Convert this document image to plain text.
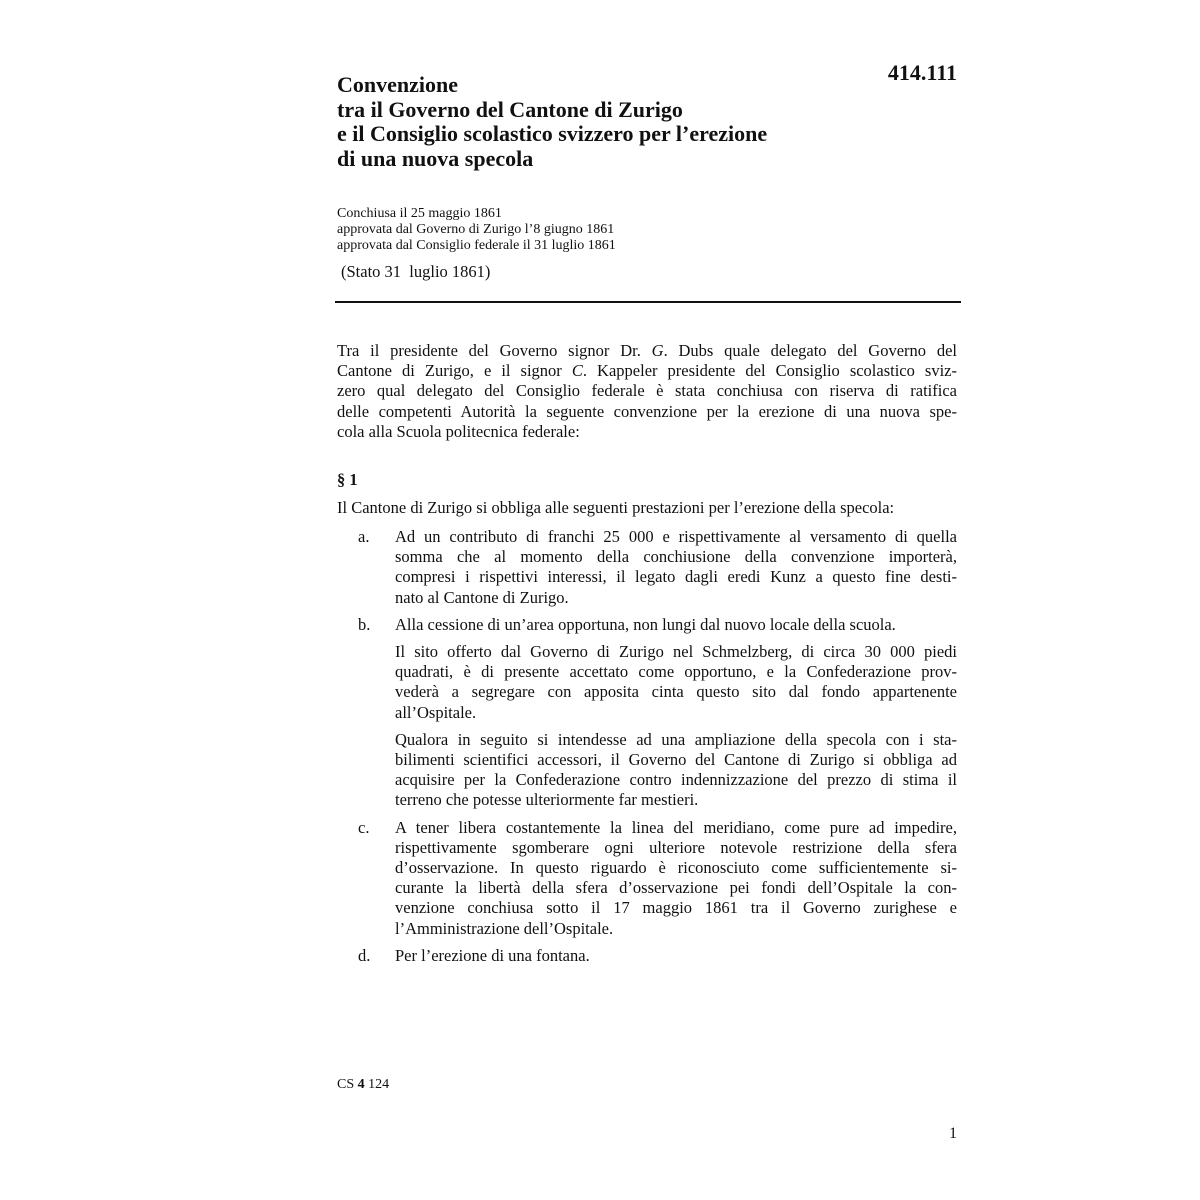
414.111
Convenzione
tra il Governo del Cantone di Zurigo
e il Consiglio scolastico svizzero per l’erezione
di una nuova specola
Conchiusa il 25 maggio 1861
approvata dal Governo di Zurigo l’8 giugno 1861
approvata dal Consiglio federale il 31 luglio 1861
(Stato 31  luglio 1861)
Tra il presidente del Governo signor Dr. G. Dubs quale delegato del Governo del
Cantone di Zurigo, e il signor C. Kappeler presidente del Consiglio scolastico sviz-
zero qual delegato del Consiglio federale è stata conchiusa con riserva di ratifica
delle competenti Autorità la seguente convenzione per la erezione di una nuova spe-
cola alla Scuola politecnica federale:
§ 1
Il Cantone di Zurigo si obbliga alle seguenti prestazioni per l’erezione della specola:
a. Ad un contributo di franchi 25 000 e rispettivamente al versamento di quella
somma che al momento della conchiusione della convenzione importerà,
compresi i rispettivi interessi, il legato dagli eredi Kunz a questo fine desti-
nato al Cantone di Zurigo.
b. Alla cessione di un’area opportuna, non lungi dal nuovo locale della scuola.
Il sito offerto dal Governo di Zurigo nel Schmelzberg, di circa 30 000 piedi
quadrati, è di presente accettato come opportuno, e la Confederazione prov-
vederà a segregare con apposita cinta questo sito dal fondo appartenente
all’Ospitale.
Qualora in seguito si intendesse ad una ampliazione della specola con i sta-
bilimenti scientifici accessori, il Governo del Cantone di Zurigo si obbliga ad
acquisire per la Confederazione contro indennizzazione del prezzo di stima il
terreno che potesse ulteriormente far mestieri.
c. A tener libera costantemente la linea del meridiano, come pure ad impedire,
rispettivamente sgomberare ogni ulteriore notevole restrizione della sfera
d’osservazione. In questo riguardo è riconosciuto come sufficientemente si-
curante la libertà della sfera d’osservazione pei fondi dell’Ospitale la con-
venzione conchiusa sotto il 17 maggio 1861 tra il Governo zurighese e
l’Amministrazione dell’Ospitale.
d. Per l’erezione di una fontana.
CS 4 124
1
